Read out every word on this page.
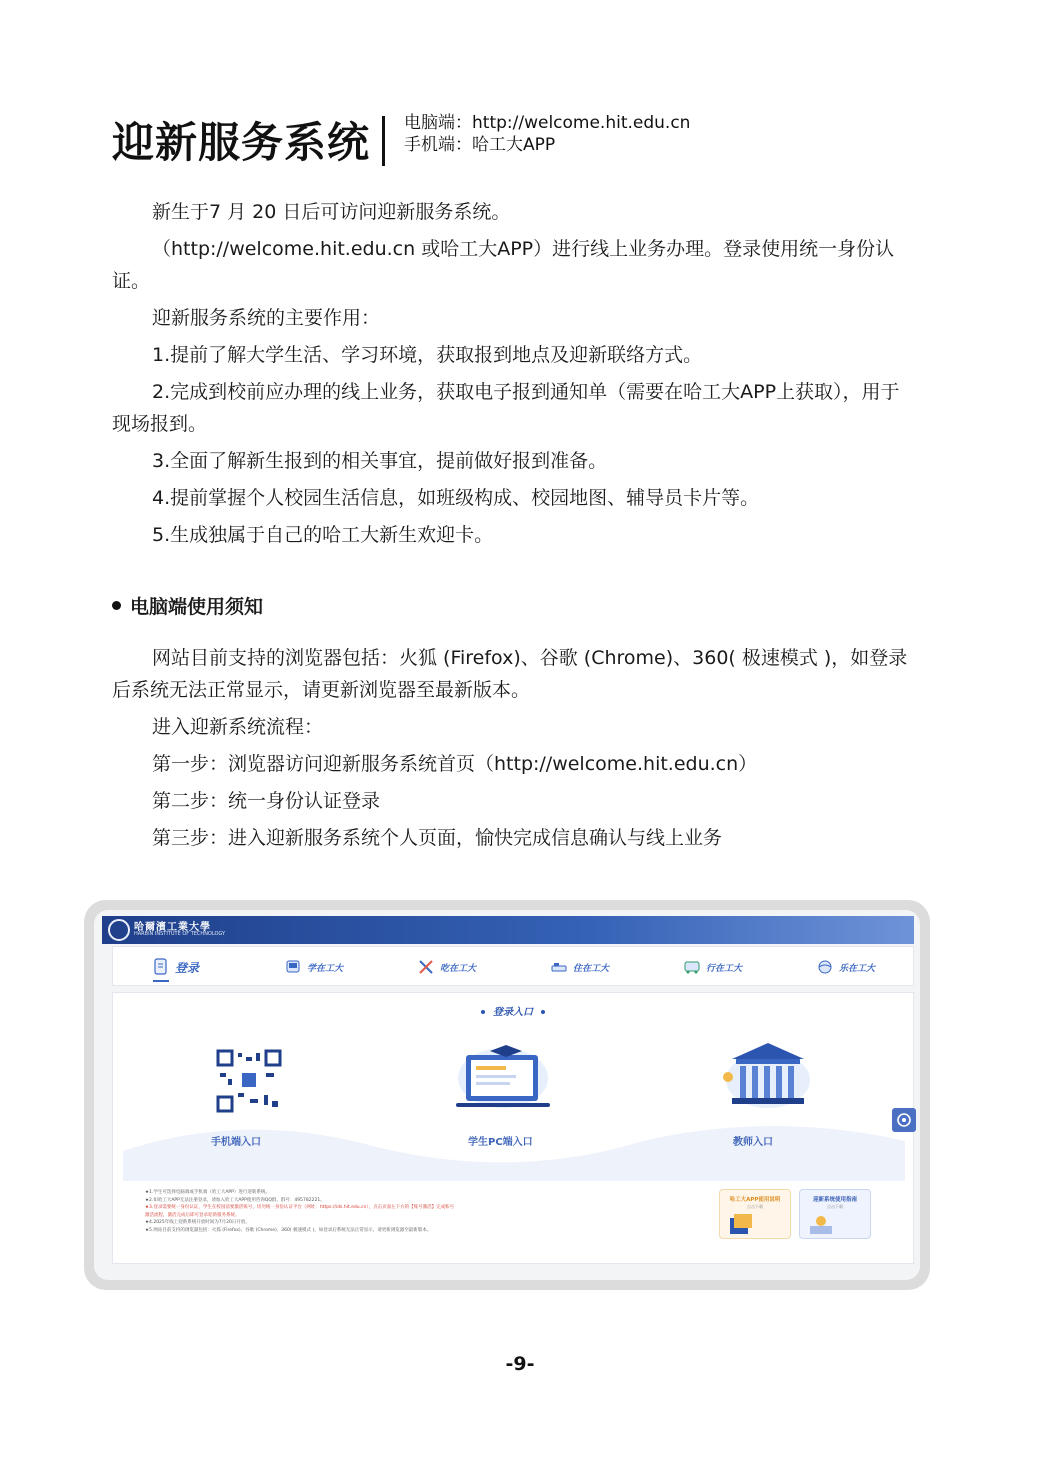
迎新服务系统 电脑端：http://welcome.hit.edu.cn
手机端：哈工大APP

新生于7 月 20 日后可访问迎新服务系统。

（http://welcome.hit.edu.cn 或哈工大APP）进行线上业务办理。登录使用统一身份认证。

迎新服务系统的主要作用：

1.提前了解大学生活、学习环境，获取报到地点及迎新联络方式。

2.完成到校前应办理的线上业务，获取电子报到通知单（需要在哈工大APP上获取），用于现场报到。

3.全面了解新生报到的相关事宜，提前做好报到准备。

4.提前掌握个人校园生活信息，如班级构成、校园地图、辅导员卡片等。

5.生成独属于自己的哈工大新生欢迎卡。

电脑端使用须知

网站目前支持的浏览器包括：火狐 (Firefox)、谷歌 (Chrome)、360( 极速模式 )，如登录后系统无法正常显示，请更新浏览器至最新版本。

进入迎新系统流程：

第一步：浏览器访问迎新服务系统首页（http://welcome.hit.edu.cn）

第二步：统一身份认证登录

第三步：进入迎新服务系统个人页面，愉快完成信息确认与线上业务

哈爾濱工業大學
HARBIN INSTITUTE OF TECHNOLOGY
登录	学在工大	吃在工大	住在工大	行在工大	乐在工大
登录入口
手机端入口	学生PC端入口	教师入口
★1.学生可选择电脑端或手机端（哈工大APP）进行迎新系统。
★2.如哈工大APP无法注册登录，请加入哈工大APP使用咨询QQ群，群号：495782221。
★3.登录需要统一身份认证，学生在校园前要激活账号，切勿统一身份认证平台（网址：https://ids.hit.edu.cn），点击页面左下方的【账号激活】完成账号激活流程，激活完成后即可登录迎新服务系统。
★4.2025年线上迎新系统开放时间为7月20日开放。
★5.网站目前支持的浏览器包括：火狐 (Firefox)、谷歌 (Chrome)、360( 极速模式 )，如登录后系统无法正常显示，请更新浏览器至最新版本。
哈工大APP使用说明
点击下载
迎新系统使用指南
点击下载
-9-
